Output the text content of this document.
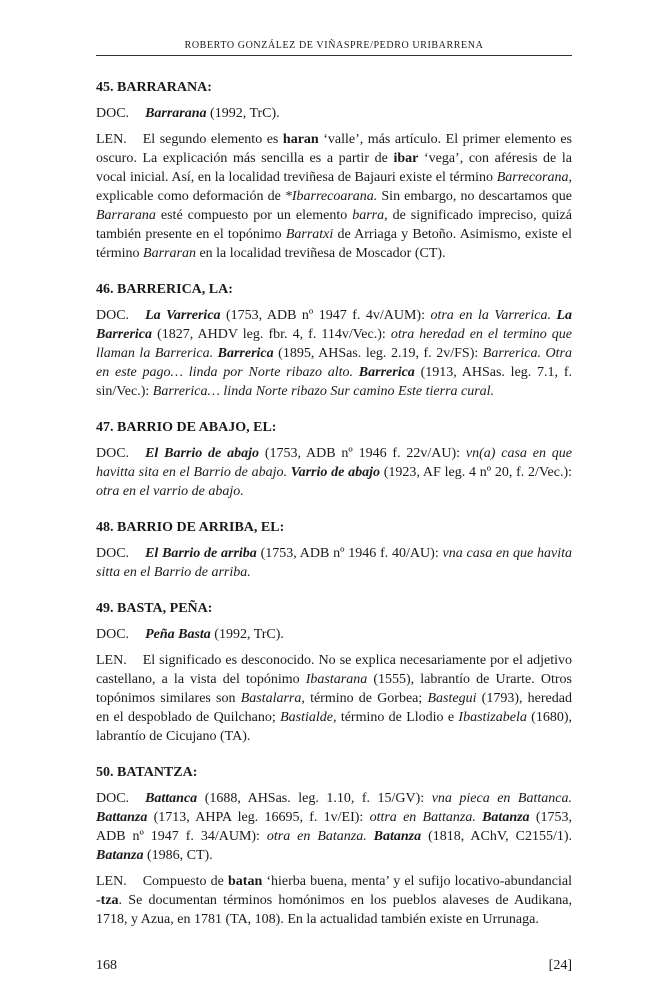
ROBERTO GONZÁLEZ DE VIÑASPRE/PEDRO URIBARRENA
45. BARRARANA:

DOC. Barrarana (1992, TrC).

LEN. El segundo elemento es haran ‘valle’, más artículo. El primer elemento es oscuro. La explicación más sencilla es a partir de ibar ‘vega’, con aféresis de la vocal inicial. Así, en la localidad treviñesa de Bajauri existe el término Barrecorana, explicable como deformación de *Ibarrecoarana. Sin embargo, no descartamos que Barrarana esté compuesto por un elemento barra, de significado impreciso, quizá también presente en el topónimo Barratxi de Arriaga y Betoño. Asimismo, existe el término Barraran en la localidad treviñesa de Moscador (CT).

46. BARRERICA, LA:

DOC. La Varrerica (1753, ADB nº 1947 f. 4v/AUM): otra en la Varrerica. La Barrerica (1827, AHDV leg. fbr. 4, f. 114v/Vec.): otra heredad en el termino que llaman la Barrerica. Barrerica (1895, AHSas. leg. 2.19, f. 2v/FS): Barrerica. Otra en este pago… linda por Norte ribazo alto. Barrerica (1913, AHSas. leg. 7.1, f. sin/Vec.): Barrerica… linda Norte ribazo Sur camino Este tierra cural.

47. BARRIO DE ABAJO, EL:

DOC. El Barrio de abajo (1753, ADB nº 1946 f. 22v/AU): vn(a) casa en que havitta sita en el Barrio de abajo. Varrio de abajo (1923, AF leg. 4 nº 20, f. 2/Vec.): otra en el varrio de abajo.

48. BARRIO DE ARRIBA, EL:

DOC. El Barrio de arriba (1753, ADB nº 1946 f. 40/AU): vna casa en que havita sitta en el Barrio de arriba.

49. BASTA, PEÑA:

DOC. Peña Basta (1992, TrC).

LEN. El significado es desconocido. No se explica necesariamente por el adjetivo castellano, a la vista del topónimo Ibastarana (1555), labrantío de Urarte. Otros topónimos similares son Bastalarra, término de Gorbea; Bastegui (1793), heredad en el despoblado de Quilchano; Bastialde, término de Llodio e Ibastizabela (1680), labrantío de Cicujano (TA).

50. BATANTZA:

DOC. Battanca (1688, AHSas. leg. 1.10, f. 15/GV): vna pieca en Battanca. Battanza (1713, AHPA leg. 16695, f. 1v/EI): ottra en Battanza. Batanza (1753, ADB nº 1947 f. 34/AUM): otra en Batanza. Batanza (1818, AChV, C2155/1). Batanza (1986, CT).

LEN. Compuesto de batan ‘hierba buena, menta’ y el sufijo locativo-abundancial -tza. Se documentan términos homónimos en los pueblos alaveses de Audikana, 1718, y Azua, en 1781 (TA, 108). En la actualidad también existe en Urrunaga.

168	[24]
